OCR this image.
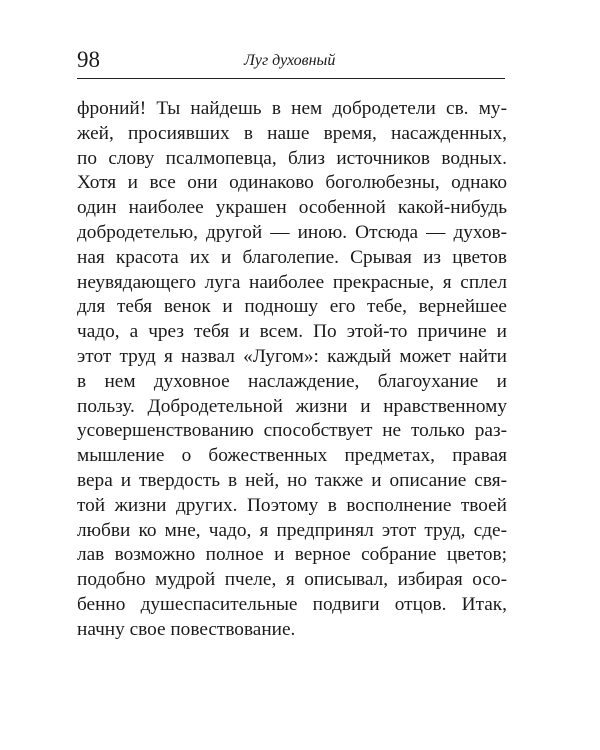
98	Луг духовный
фроний! Ты найдешь в нем добродетели св. му-
жей, просиявших в наше время, насажденных,
по слову псалмопевца, близ источников водных.
Хотя и все они одинаково боголюбезны, однако
один наиболее украшен особенной какой-нибудь
добродетелью, другой — иною. Отсюда — духов-
ная красота их и благолепие. Срывая из цветов
неувядающего луга наиболее прекрасные, я сплел
для тебя венок и подношу его тебе, вернейшее
чадо, а чрез тебя и всем. По этой-то причине и
этот труд я назвал «Лугом»: каждый может найти
в нем духовное наслаждение, благоухание и
пользу. Добродетельной жизни и нравственному
усовершенствованию способствует не только раз-
мышление о божественных предметах, правая
вера и твердость в ней, но также и описание свя-
той жизни других. Поэтому в восполнение твоей
любви ко мне, чадо, я предпринял этот труд, сде-
лав возможно полное и верное собрание цветов;
подобно мудрой пчеле, я описывал, избирая осо-
бенно душеспасительные подвиги отцов. Итак,
начну свое повествование.
